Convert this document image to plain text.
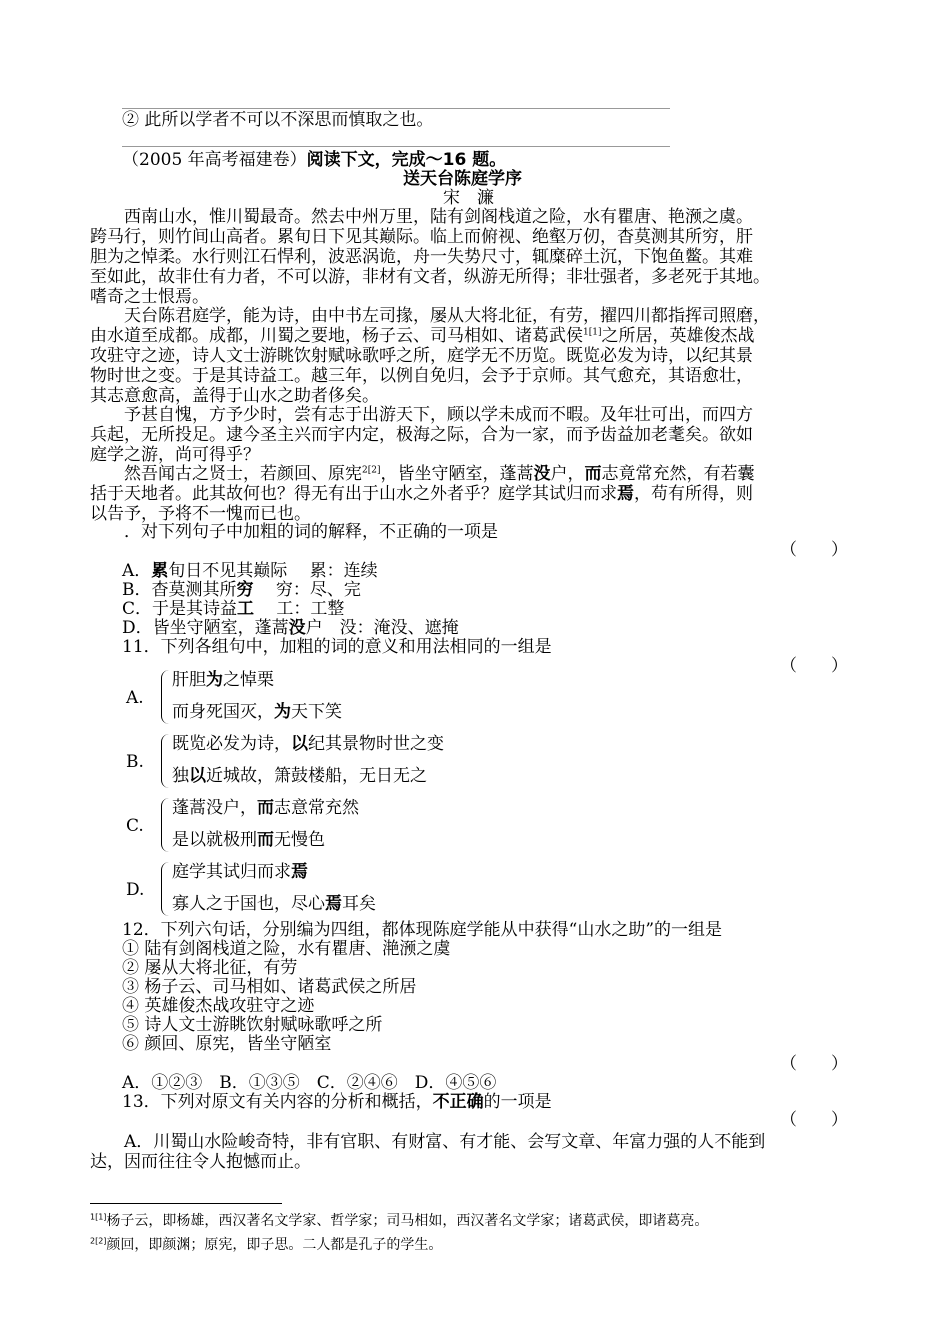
② 此所以学者不可以不深思而慎取之也。
（2005 年高考福建卷）阅读下文，完成～16 题。
送天台陈庭学序
宋　濂
　　西南山水，惟川蜀最奇。然去中州万里，陆有剑阁栈道之险，水有瞿唐、艳滪之虞。
跨马行，则竹间山高者。累旬日下见其巅际。临上而俯视、绝壑万仞，杳莫测其所穷，肝
胆为之悼柔。水行则江石悍利，波恶涡诡，舟一失势尺寸，辄糜碎土沉，下饱鱼鳖。其难
至如此，故非仕有力者，不可以游，非材有文者，纵游无所得；非壮强者，多老死于其地。
嗜奇之士恨焉。
　　天台陈君庭学，能为诗，由中书左司掾，屡从大将北征，有劳，擢四川都指挥司照磨，
由水道至成都。成都，川蜀之要地，杨子云、司马相如、诸葛武侯$^{1[1]}$之所居，英雄俊杰战
攻驻守之迹，诗人文士游眺饮射赋咏歌呼之所，庭学无不历览。既览必发为诗，以纪其景
物时世之变。于是其诗益工。越三年，以例自免归，会予于京师。其气愈充，其语愈壮，
其志意愈高，盖得于山水之助者侈矣。
　　予甚自愧，方予少时，尝有志于出游天下，顾以学未成而不暇。及年壮可出，而四方
兵起，无所投足。逮今圣主兴而宇内定，极海之际，合为一家，而予齿益加老耄矣。欲如
庭学之游，尚可得乎？
　　然吾闻古之贤士，若颜回、原宪$^{2[2]}$，皆坐守陋室，蓬蒿没户，而志竟常充然，有若囊
括于天地者。此其故何也？得无有出于山水之外者乎？庭学其试归而求焉，苟有所得，则
以告予，予将不一愧而已也。
　　．对下列句子中加粗的词的解释，不正确的一项是
（　　）
A．累旬日不见其巅际　 累：连续
B．杳莫测其所穷　 穷：尽、完
C．于是其诗益工　 工：工整
D．皆坐守陋室，蓬蒿没户　没：淹没、遮掩
11．下列各组句中，加粗的词的意义和用法相同的一组是
（　　）
A.
肝胆为之悼栗
而身死国灭，为天下笑
B.
既览必发为诗，以纪其景物时世之变
独以近城故，箫鼓楼船，无日无之
C.
蓬蒿没户，而志意常充然
是以就极刑而无慢色
D.
庭学其试归而求焉
寡人之于国也，尽心焉耳矣
12．下列六句话，分别编为四组，都体现陈庭学能从中获得“山水之助”的一组是
① 陆有剑阁栈道之险，水有瞿唐、滟滪之虞
② 屡从大将北征，有劳
③ 杨子云、司马相如、诸葛武侯之所居
④ 英雄俊杰战攻驻守之迹
⑤ 诗人文士游眺饮射赋咏歌呼之所
⑥ 颜回、原宪，皆坐守陋室
（　　）
A．①②③　B．①③⑤　C．②④⑥　D．④⑤⑥
13．下列对原文有关内容的分析和概括，不正确的一项是
（　　）
　　A．川蜀山水险峻奇特，非有官职、有财富、有才能、会写文章、年富力强的人不能到
达，因而往往令人抱憾而止。
$^{1[1]}$杨子云，即杨雄，西汉著名文学家、哲学家；司马相如，西汉著名文学家；诸葛武侯，即诸葛亮。
$^{2[2]}$颜回，即颜渊；原宪，即子思。二人都是孔子的学生。
